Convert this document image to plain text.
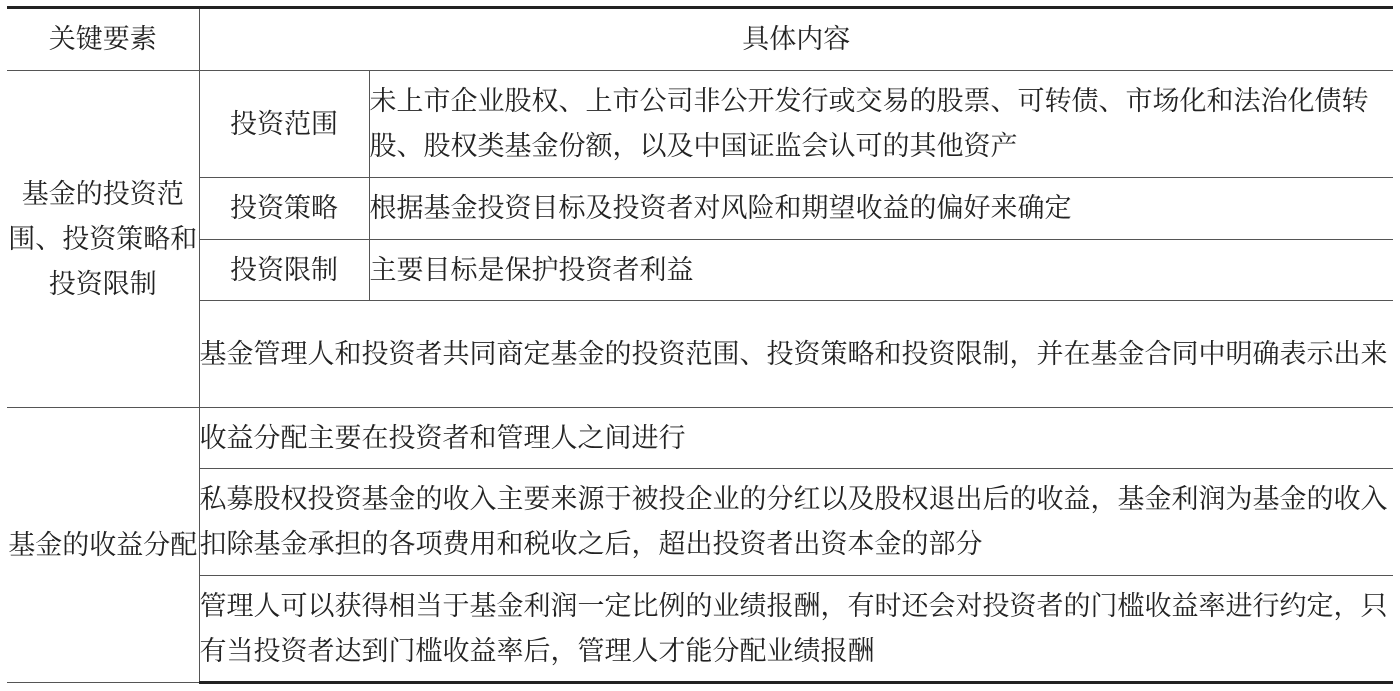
关键要素	具体内容	
基金的投资范围、投资策略和投资限制	投资范围	未上市企业股权、上市公司非公开发行或交易的股票、可转债、市场化和法治化债转股、股权类基金份额，以及中国证监会认可的其他资产
	投资策略	根据基金投资目标及投资者对风险和期望收益的偏好来确定
	投资限制	主要目标是保护投资者利益
	基金管理人和投资者共同商定基金的投资范围、投资策略和投资限制，并在基金合同中明确表示出来	
基金的收益分配	收益分配主要在投资者和管理人之间进行	
	私募股权投资基金的收入主要来源于被投企业的分红以及股权退出后的收益，基金利润为基金的收入扣除基金承担的各项费用和税收之后，超出投资者出资本金的部分	
	管理人可以获得相当于基金利润一定比例的业绩报酬，有时还会对投资者的门槛收益率进行约定，只有当投资者达到门槛收益率后，管理人才能分配业绩报酬	
